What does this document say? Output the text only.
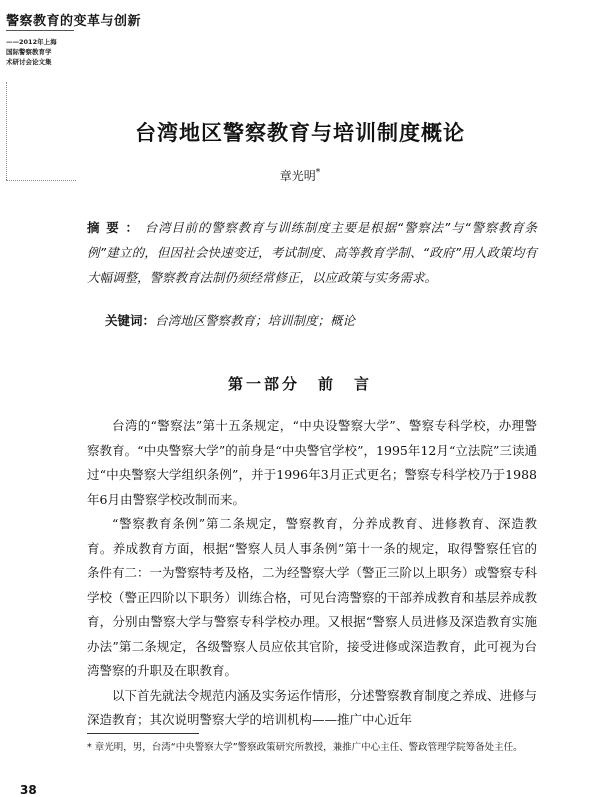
警察教育的变革与创新
——2012年上海
国际警察教育学
术研讨会论文集
台湾地区警察教育与培训制度概论
章光明*
摘要：台湾目前的警察教育与训练制度主要是根据“警察法”与“警察教育条例”建立的，但因社会快速变迁，考试制度、高等教育学制、“政府”用人政策均有大幅调整，警察教育法制仍须经常修正，以应政策与实务需求。
关键词：台湾地区警察教育；培训制度；概论
第一部分　前　言

台湾的“警察法”第十五条规定，“中央设警察大学”、警察专科学校，办理警察教育。“中央警察大学”的前身是“中央警官学校”，1995年12月“立法院”三读通过“中央警察大学组织条例”，并于1996年3月正式更名；警察专科学校乃于1988年6月由警察学校改制而来。

“警察教育条例”第二条规定，警察教育，分养成教育、进修教育、深造教育。养成教育方面，根据“警察人员人事条例”第十一条的规定，取得警察任官的条件有二：一为警察特考及格，二为经警察大学（警正三阶以上职务）或警察专科学校（警正四阶以下职务）训练合格，可见台湾警察的干部养成教育和基层养成教育，分别由警察大学与警察专科学校办理。又根据“警察人员进修及深造教育实施办法”第二条规定，各级警察人员应依其官阶，接受进修或深造教育，此可视为台湾警察的升职及在职教育。

以下首先就法令规范内涵及实务运作情形，分述警察教育制度之养成、进修与深造教育；其次说明警察大学的培训机构——推广中心近年

* 章光明，男，台湾“中央警察大学”警察政策研究所教授，兼推广中心主任、警政管理学院筹备处主任。
38
